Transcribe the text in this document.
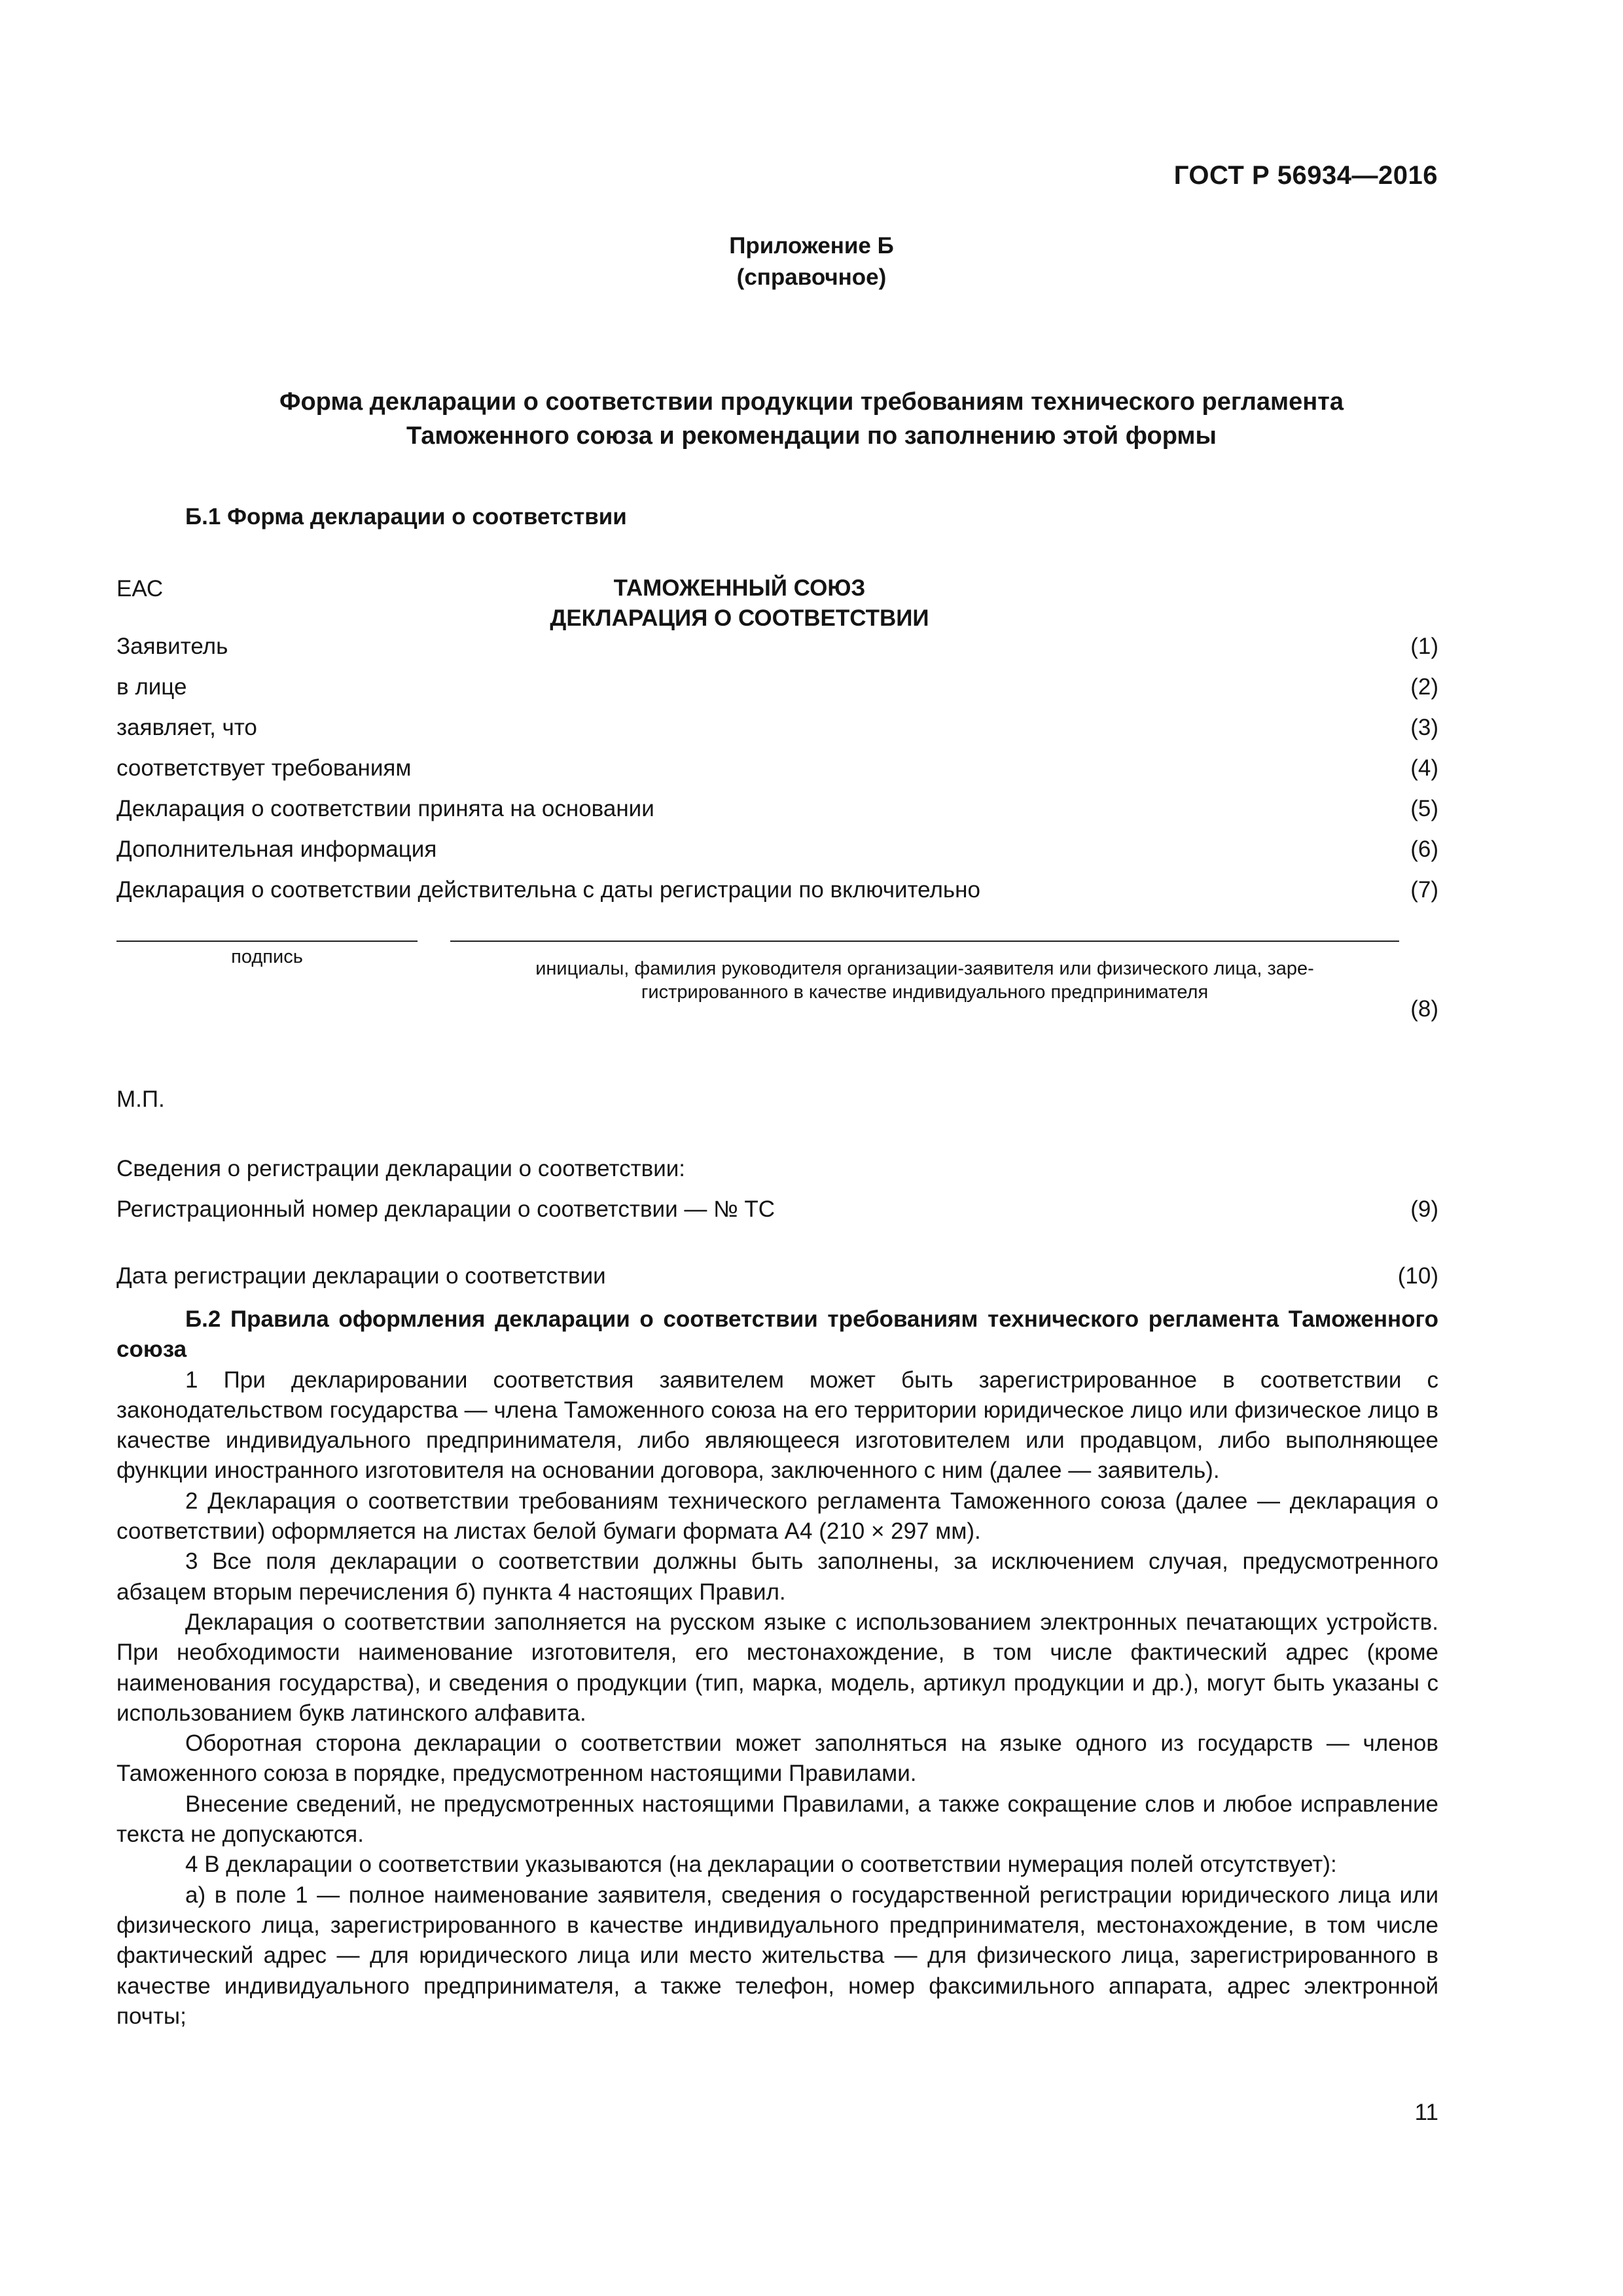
ГОСТ Р 56934—2016
Приложение Б
(справочное)
Форма декларации о соответствии продукции требованиям технического регламента
Таможенного союза и рекомендации по заполнению этой формы
Б.1 Форма декларации о соответствии
ЕАС	ТАМОЖЕННЫЙ СОЮЗ
ДЕКЛАРАЦИЯ О СООТВЕТСТВИИ
Заявитель	(1)
в лице	(2)
заявляет, что	(3)
соответствует требованиям	(4)
Декларация о соответствии принята на основании	(5)
Дополнительная информация	(6)
Декларация о соответствии действительна с даты регистрации по включительно	(7)
подпись
инициалы, фамилия руководителя организации-заявителя или физического лица, заре-
гистрированного в качестве индивидуального предпринимателя
(8)
М.П.
Сведения о регистрации декларации о соответствии:
Регистрационный номер декларации о соответствии — № ТС	(9)
Дата регистрации декларации о соответствии	(10)

Б.2 Правила оформления декларации о соответствии требованиям технического регламента Таможенного союза

1 При декларировании соответствия заявителем может быть зарегистрированное в соответствии с законодательством государства — члена Таможенного союза на его территории юридическое лицо или физическое лицо в качестве индивидуального предпринимателя, либо являющееся изготовителем или продавцом, либо выполняющее функции иностранного изготовителя на основании договора, заключенного с ним (далее — заявитель).

2 Декларация о соответствии требованиям технического регламента Таможенного союза (далее — декларация о соответствии) оформляется на листах белой бумаги формата А4 (210 × 297 мм).

3 Все поля декларации о соответствии должны быть заполнены, за исключением случая, предусмотренного абзацем вторым перечисления б) пункта 4 настоящих Правил.

Декларация о соответствии заполняется на русском языке с использованием электронных печатающих устройств. При необходимости наименование изготовителя, его местонахождение, в том числе фактический адрес (кроме наименования государства), и сведения о продукции (тип, марка, модель, артикул продукции и др.), могут быть указаны с использованием букв латинского алфавита.

Оборотная сторона декларации о соответствии может заполняться на языке одного из государств — членов Таможенного союза в порядке, предусмотренном настоящими Правилами.

Внесение сведений, не предусмотренных настоящими Правилами, а также сокращение слов и любое исправление текста не допускаются.

4 В декларации о соответствии указываются (на декларации о соответствии нумерация полей отсутствует):

а) в поле 1 — полное наименование заявителя, сведения о государственной регистрации юридического лица или физического лица, зарегистрированного в качестве индивидуального предпринимателя, местонахождение, в том числе фактический адрес — для юридического лица или место жительства — для физического лица, зарегистрированного в качестве индивидуального предпринимателя, а также телефон, номер факсимильного аппарата, адрес электронной почты;

11
